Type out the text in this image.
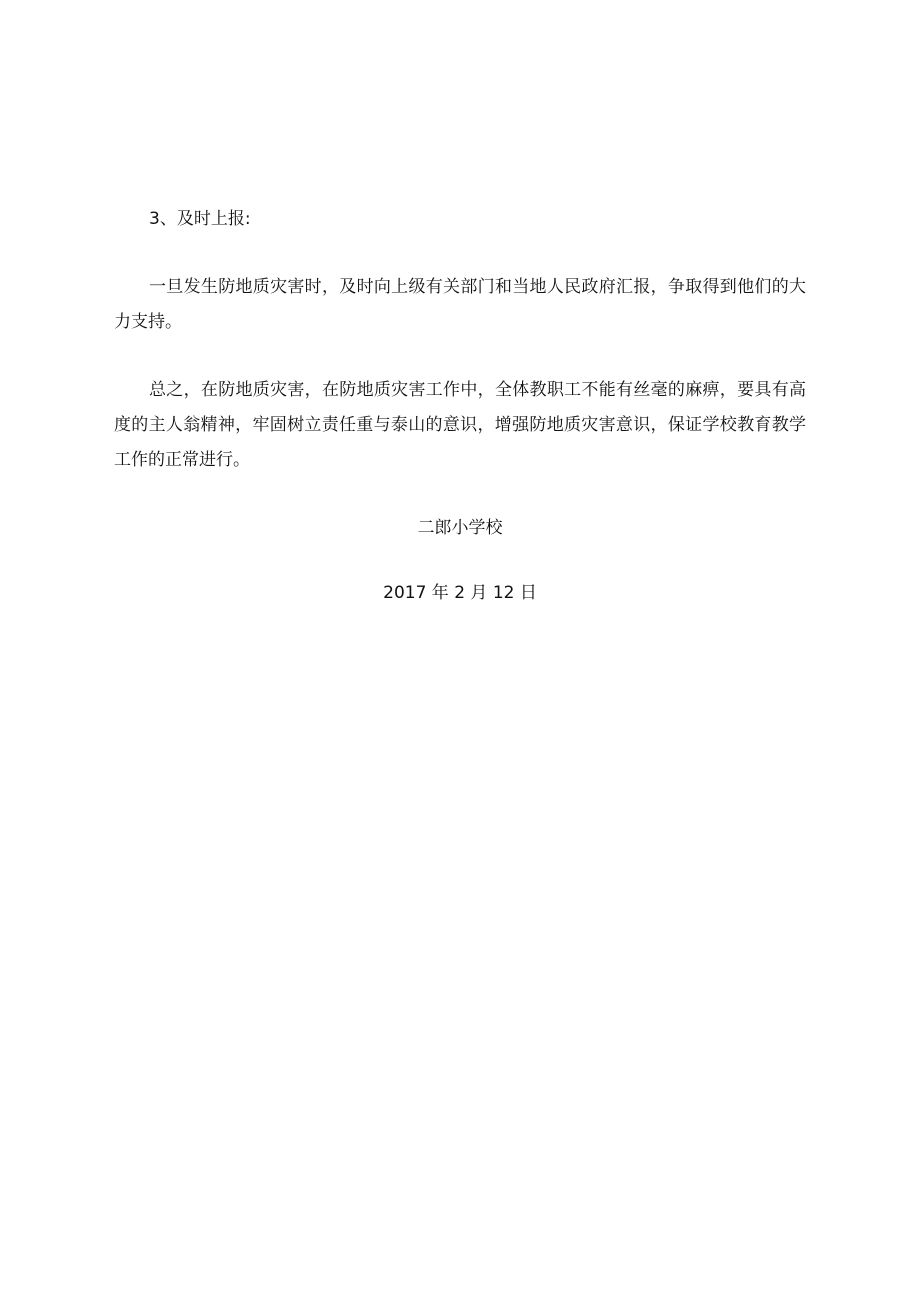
3、及时上报:

一旦发生防地质灾害时，及时向上级有关部门和当地人民政府汇报，争取得到他们的大力支持。

总之，在防地质灾害，在防地质灾害工作中，全体教职工不能有丝毫的麻痹，要具有高度的主人翁精神，牢固树立责任重与泰山的意识，增强防地质灾害意识，保证学校教育教学工作的正常进行。

二郎小学校

2017 年 2 月 12 日
